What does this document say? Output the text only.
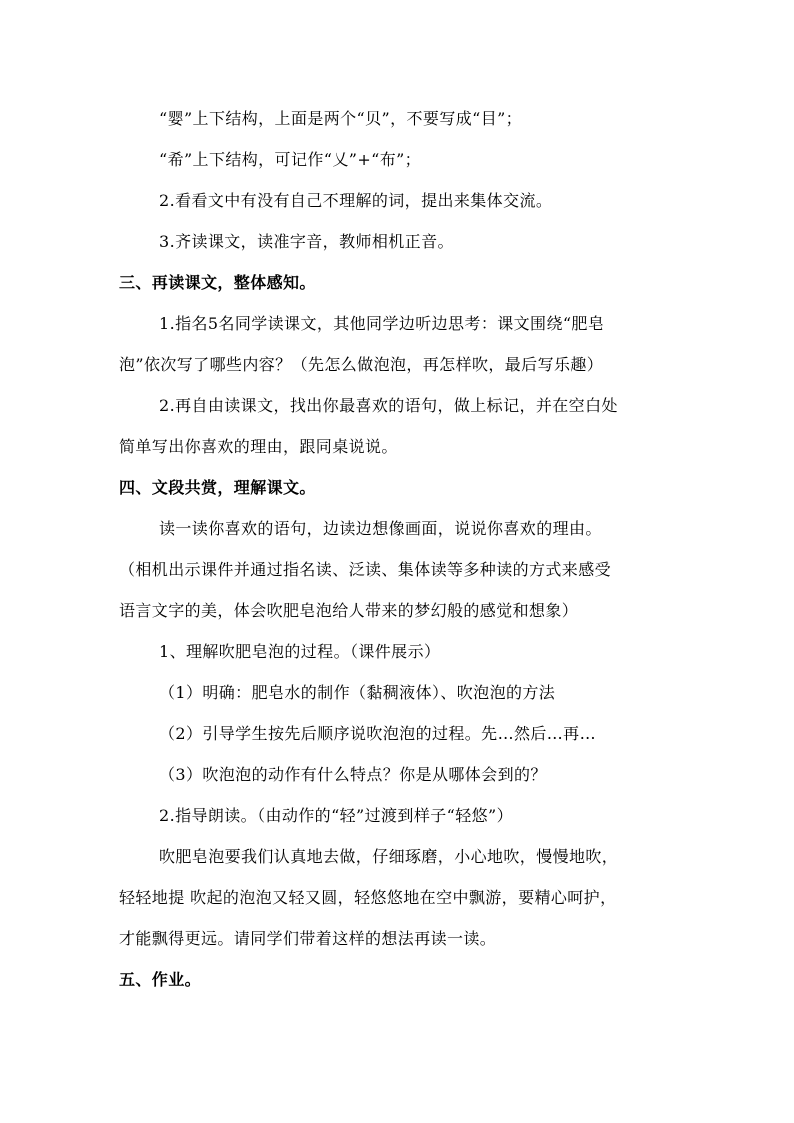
“婴”上下结构，上面是两个“贝”，不要写成“目”；
“希”上下结构，可记作“乂”+“布”；
2.看看文中有没有自己不理解的词，提出来集体交流。
3.齐读课文，读准字音，教师相机正音。
三、再读课文，整体感知。
1.指名5名同学读课文，其他同学边听边思考：课文围绕“肥皂
泡”依次写了哪些内容？（先怎么做泡泡，再怎样吹，最后写乐趣）
2.再自由读课文，找出你最喜欢的语句，做上标记，并在空白处
简单写出你喜欢的理由，跟同桌说说。
四、文段共赏，理解课文。
读一读你喜欢的语句，边读边想像画面，说说你喜欢的理由。
（相机出示课件并通过指名读、泛读、集体读等多种读的方式来感受
语言文字的美，体会吹肥皂泡给人带来的梦幻般的感觉和想象）
1、理解吹肥皂泡的过程。（课件展示）
（1）明确：肥皂水的制作（黏稠液体）、吹泡泡的方法
（2）引导学生按先后顺序说吹泡泡的过程。先…然后…再…
（3）吹泡泡的动作有什么特点？你是从哪体会到的？
2.指导朗读。（由动作的“轻”过渡到样子“轻悠”）
吹肥皂泡要我们认真地去做，仔细琢磨，小心地吹，慢慢地吹，
轻轻地提 吹起的泡泡又轻又圆，轻悠悠地在空中飘游，要精心呵护，
才能飘得更远。请同学们带着这样的想法再读一读。
五、作业。
